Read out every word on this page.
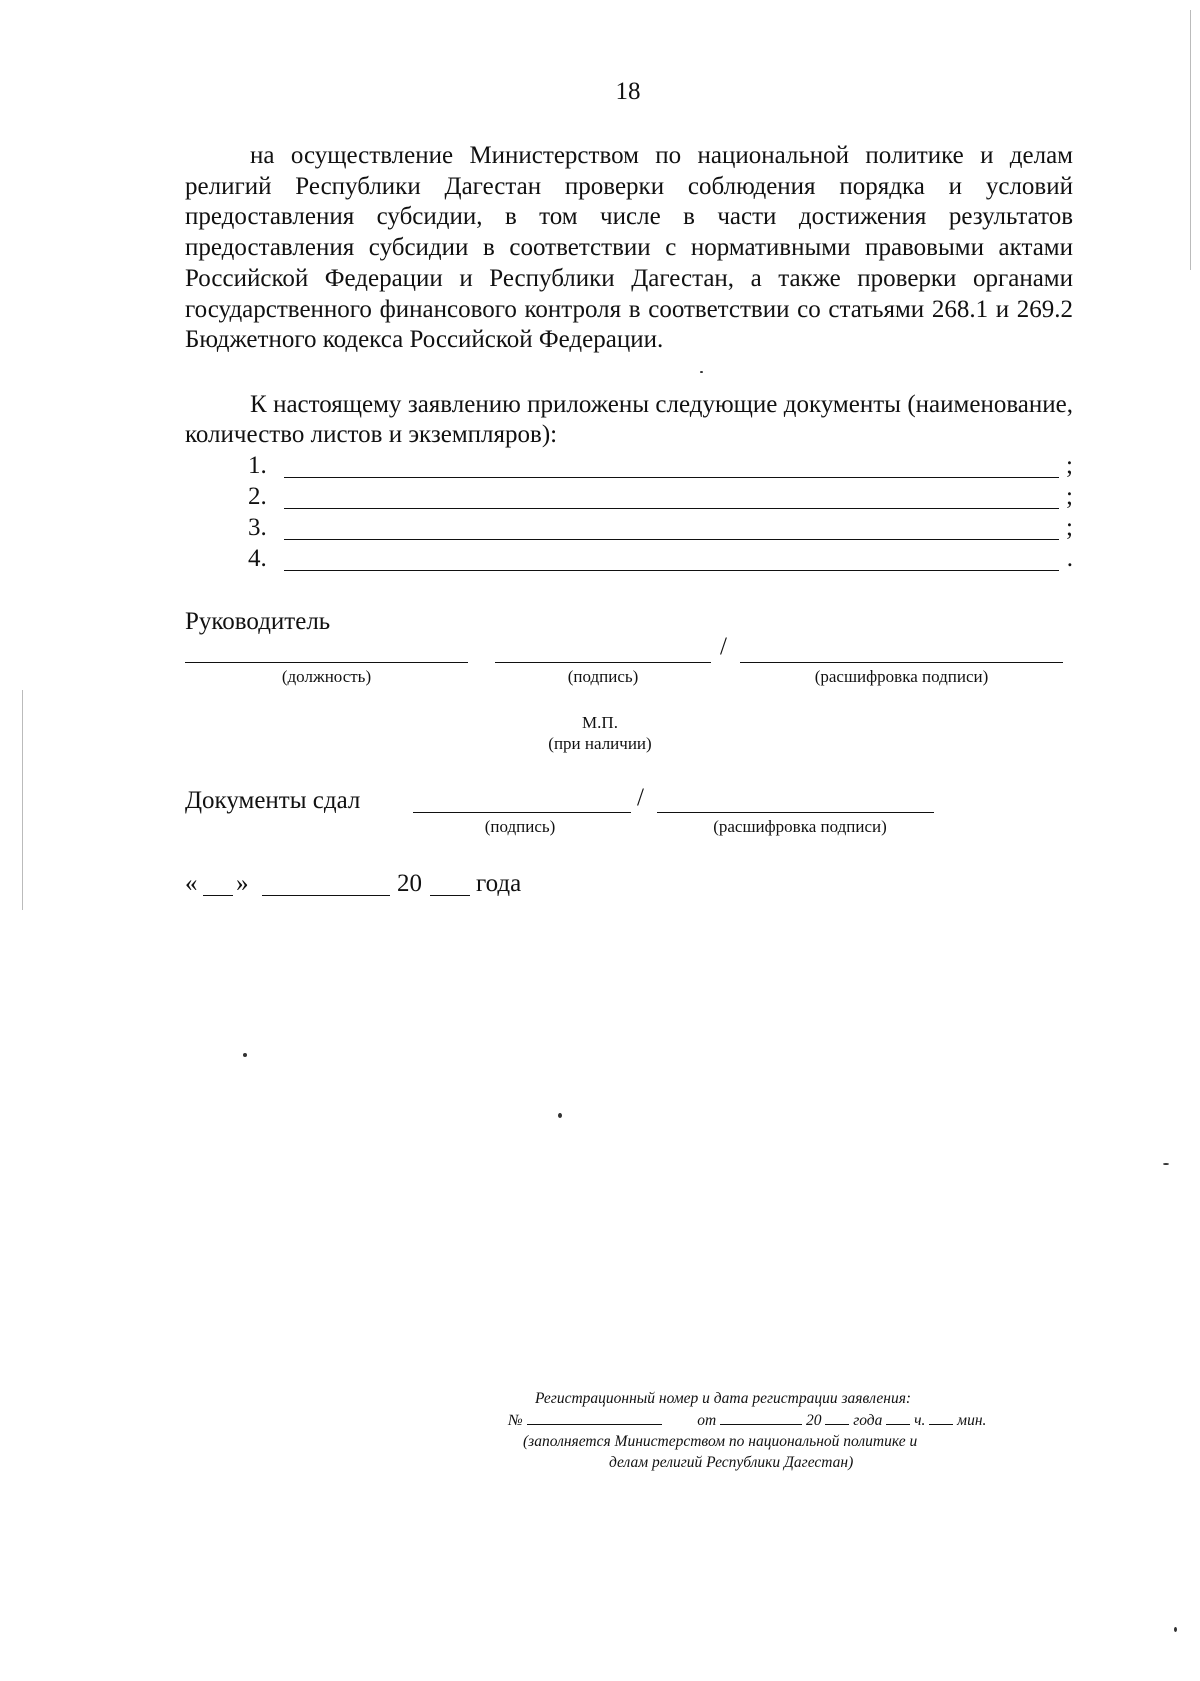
18

на осуществление Министерством по национальной политике и делам религий Республики Дагестан проверки соблюдения порядка и условий предоставления субсидии, в том числе в части достижения результатов предоставления субсидии в соответствии с нормативными правовыми актами Российской Федерации и Республики Дагестан, а также проверки органами государственного финансового контроля в соответствии со статьями 268.1 и 269.2 Бюджетного кодекса Российской Федерации.

К настоящему заявлению приложены следующие документы (наименование, количество листов и экземпляров):

1.	;
2.	;
3.	;
4.	.
Руководитель
/
(должность)	(подпись)	(расшифровка подписи)
М.П.
(при наличии)
Документы сдал	/
(подпись)	(расшифровка подписи)
« »	20 года
Регистрационный номер и дата регистрации заявления:
№	от	20 года ч. мин.
(заполняется Министерством по национальной политике и
делам религий Республики Дагестан)
